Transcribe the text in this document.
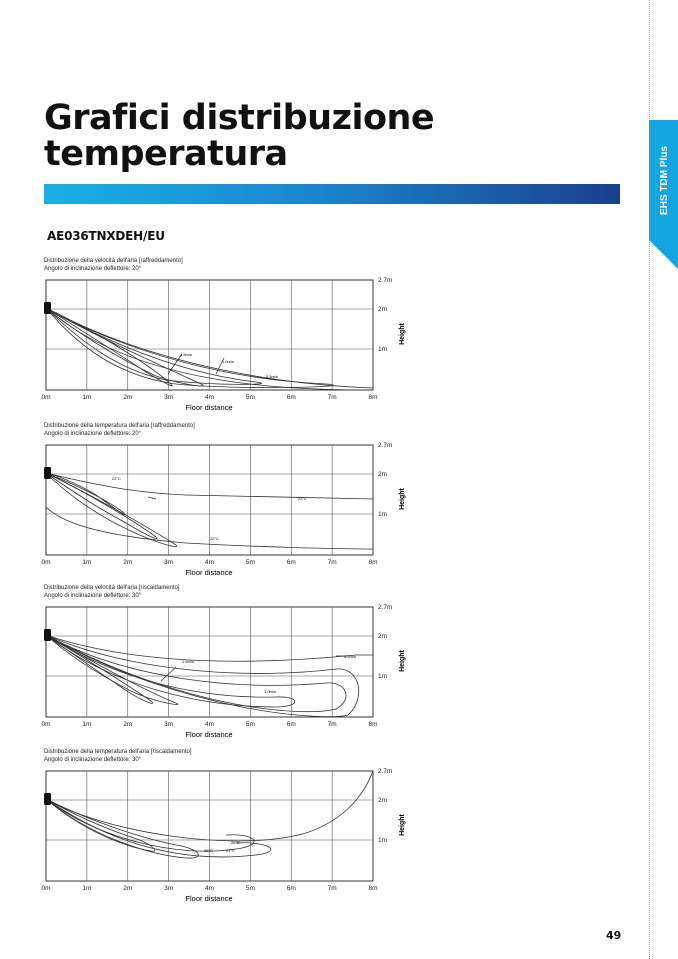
EHS TDM Plus
Grafici distribuzione
temperatura
AE036TNXDEH/EU
Distribuzione della velocità dell'aria [raffreddamento]
Angolo di inclinazione deflettore: 20°
0m	1m	2m	3m	4m	5m	6m	7m	8m
2.7m
2m
1m
1.5m/s
1.0m/s
0.5m/s
Height
Floor distance
Distribuzione della temperatura dell'aria [raffreddamento]
Angolo di inclinazione deflettore: 20°
0m	1m	2m	3m	4m	5m	6m	7m	8m
2.7m
2m
1m
22°C
23°C
22°C
Height
Floor distance
Distribuzione della velocità dell'aria [riscaldamento]
Angolo di inclinazione deflettore: 30°
0m	1m	2m	3m	4m	5m	6m	7m	8m
2.7m
2m
1m
1.5m/s
0.5m/s
1.0m/s
Height
Floor distance
Distribuzione della temperatura dell'aria [riscaldamento]
Angolo di inclinazione deflettore: 30°
0m	1m	2m	3m	4m	5m	6m	7m	8m
2.7m
2m
1m
26°C
28°C	27°C
Height
Floor distance
49
